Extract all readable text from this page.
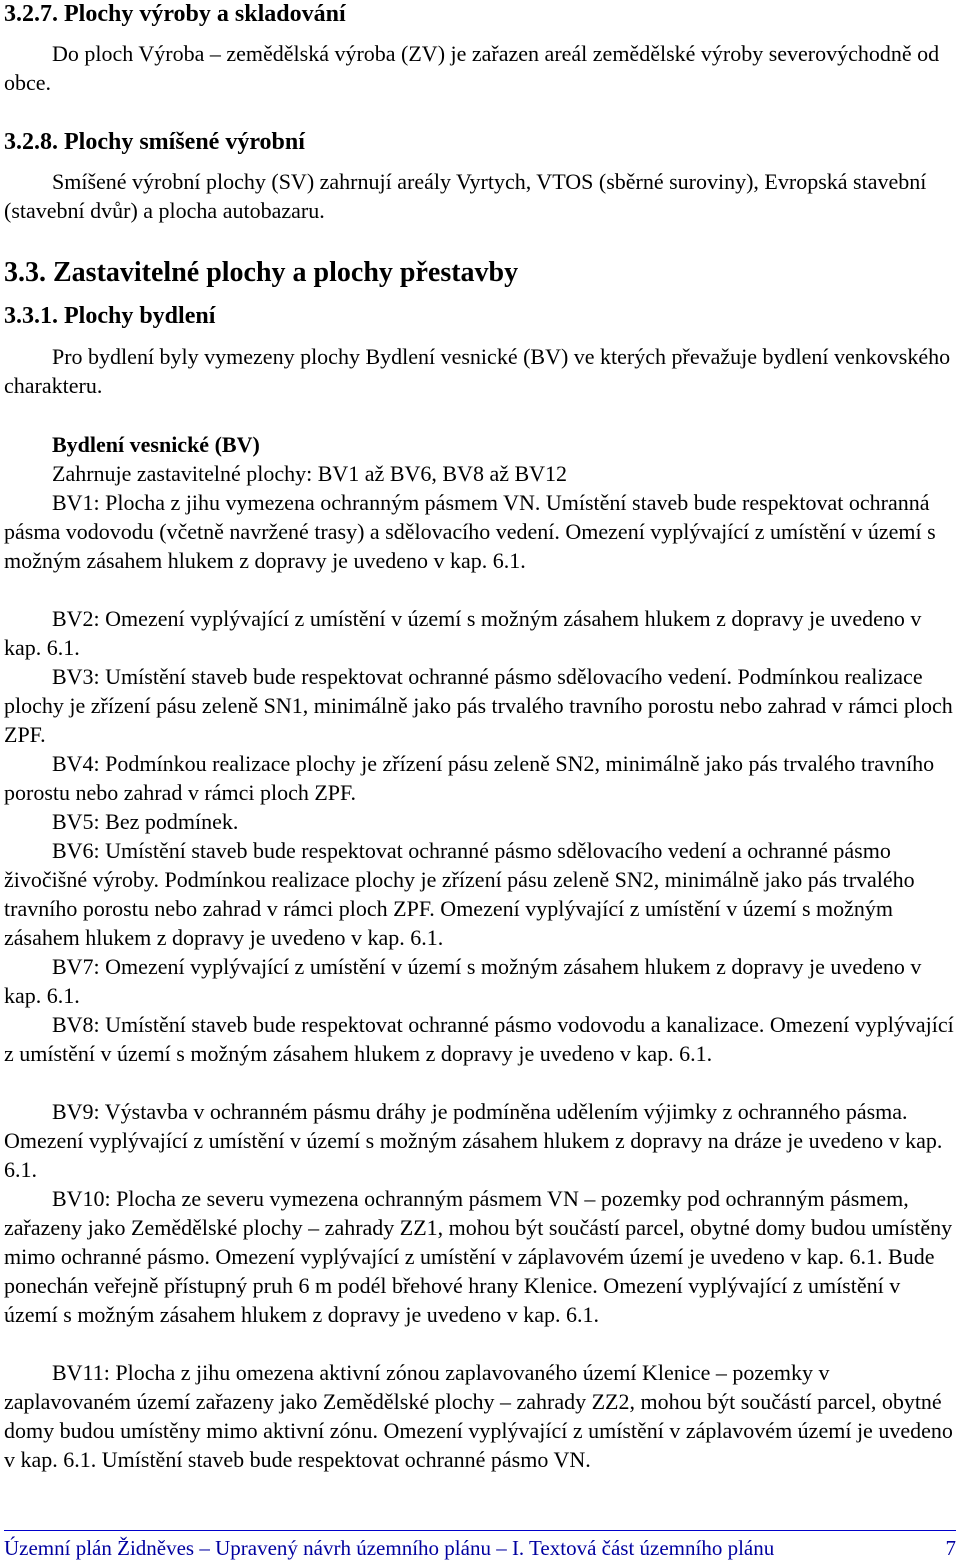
3.2.7. Plochy výroby a skladování
Do ploch Výroba – zemědělská výroba (ZV) je zařazen areál zemědělské výroby severovýchodně od obce.
3.2.8. Plochy smíšené výrobní
Smíšené výrobní plochy (SV) zahrnují areály Vyrtych, VTOS (sběrné suroviny), Evropská stavební (stavební dvůr) a plocha autobazaru.
3.3. Zastavitelné plochy a plochy přestavby
3.3.1. Plochy bydlení
Pro bydlení byly vymezeny plochy Bydlení vesnické (BV) ve kterých převažuje bydlení venkovského charakteru.
Bydlení vesnické (BV)
Zahrnuje zastavitelné plochy: BV1 až BV6, BV8 až BV12
BV1: Plocha z jihu vymezena ochranným pásmem VN. Umístění staveb bude respektovat ochranná pásma vodovodu (včetně navržené trasy) a sdělovacího vedení. Omezení vyplývající z umístění v území s možným zásahem hlukem z dopravy je uvedeno v kap. 6.1.
BV2: Omezení vyplývající z umístění v území s možným zásahem hlukem z dopravy je uvedeno v kap. 6.1.
BV3: Umístění staveb bude respektovat ochranné pásmo sdělovacího vedení. Podmínkou realizace plochy je zřízení pásu zeleně SN1, minimálně jako pás trvalého travního porostu nebo zahrad v rámci ploch ZPF.
BV4: Podmínkou realizace plochy je zřízení pásu zeleně SN2, minimálně jako pás trvalého travního porostu nebo zahrad v rámci ploch ZPF.
BV5: Bez podmínek.
BV6: Umístění staveb bude respektovat ochranné pásmo sdělovacího vedení a ochranné pásmo živočišné výroby. Podmínkou realizace plochy je zřízení pásu zeleně SN2, minimálně jako pás trvalého travního porostu nebo zahrad v rámci ploch ZPF. Omezení vyplývající z umístění v území s možným zásahem hlukem z dopravy je uvedeno v kap. 6.1.
BV7: Omezení vyplývající z umístění v území s možným zásahem hlukem z dopravy je uvedeno v kap. 6.1.
BV8: Umístění staveb bude respektovat ochranné pásmo vodovodu a kanalizace. Omezení vyplývající z umístění v území s možným zásahem hlukem z dopravy je uvedeno v kap. 6.1.
BV9: Výstavba v ochranném pásmu dráhy je podmíněna udělením výjimky z ochranného pásma. Omezení vyplývající z umístění v území s možným zásahem hlukem z dopravy na dráze je uvedeno v kap. 6.1.
BV10: Plocha ze severu vymezena ochranným pásmem VN – pozemky pod ochranným pásmem, zařazeny jako Zemědělské plochy – zahrady ZZ1, mohou být součástí parcel, obytné domy budou umístěny mimo ochranné pásmo. Omezení vyplývající z umístění v záplavovém území je uvedeno v kap. 6.1. Bude ponechán veřejně přístupný pruh 6 m podél břehové hrany Klenice. Omezení vyplývající z umístění v území s možným zásahem hlukem z dopravy je uvedeno v kap. 6.1.
BV11: Plocha z jihu omezena aktivní zónou zaplavovaného území Klenice – pozemky v zaplavovaném území zařazeny jako Zemědělské plochy – zahrady ZZ2, mohou být součástí parcel, obytné domy budou umístěny mimo aktivní zónu. Omezení vyplývající z umístění v záplavovém území je uvedeno v kap. 6.1. Umístění staveb bude respektovat ochranné pásmo VN.
Územní plán Židněves – Upravený návrh územního plánu – I. Textová část územního plánu	7
